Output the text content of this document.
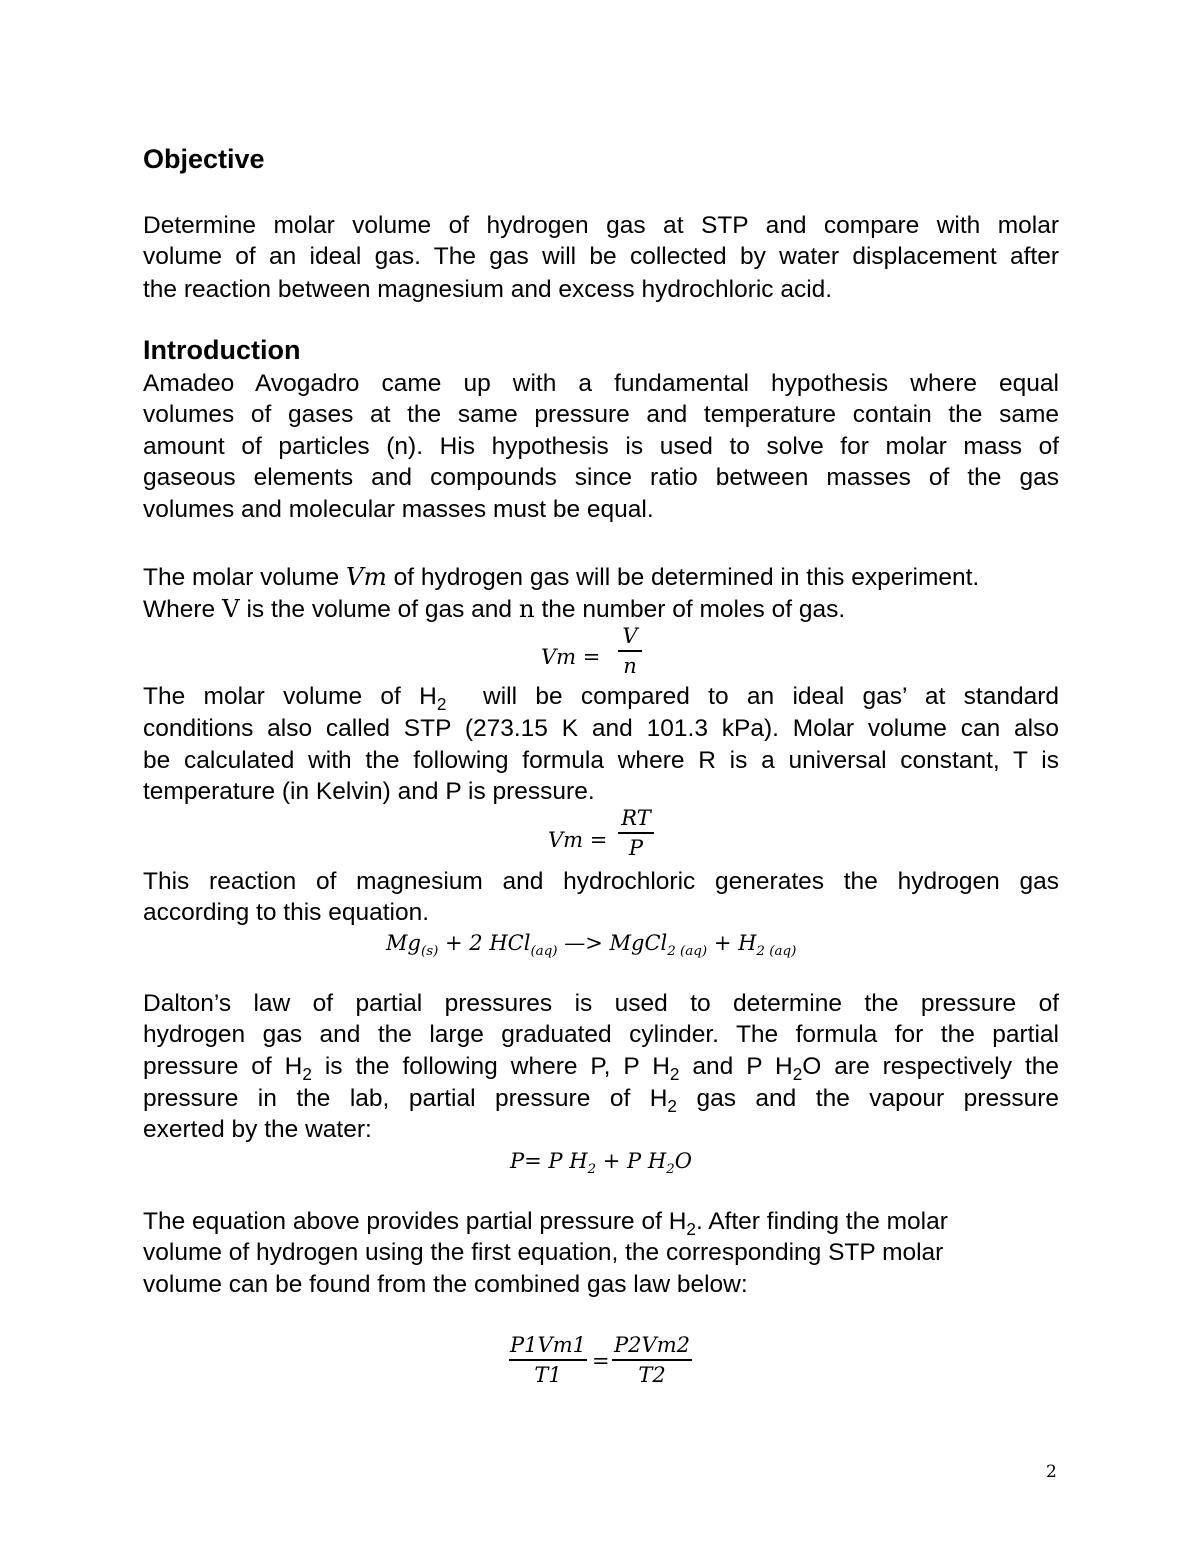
Objective
Determine molar volume of hydrogen gas at STP and compare with molar
volume of an ideal gas. The gas will be collected by water displacement after
the reaction between magnesium and excess hydrochloric acid.
Introduction
Amadeo Avogadro came up with a fundamental hypothesis where equal
volumes of gases at the same pressure and temperature contain the same
amount of particles (n). His hypothesis is used to solve for molar mass of
gaseous elements and compounds since ratio between masses of the gas
volumes and molecular masses must be equal.
The molar volume Vm of hydrogen gas will be determined in this experiment.
Where V is the volume of gas and n the number of moles of gas.
Vm =
V
n
The molar volume of $H_2$  will be compared to an ideal gas’ at standard
conditions also called STP (273.15 K and 101.3 kPa). Molar volume can also
be calculated with the following formula where R is a universal constant, T is
temperature (in Kelvin) and P is pressure.
Vm =
RT
P
This reaction of magnesium and hydrochloric generates the hydrogen gas
according to this equation.
$Mg_{(s)} + 2$ HCl$_{(aq)}$ —> MgCl$_{2 (aq)}$ + $H_{2 (aq)}$
Dalton’s law of partial pressures is used to determine the pressure of
hydrogen gas and the large graduated cylinder. The formula for the partial
pressure of $H_2$ is the following where P, P $H_2$ and P $H_2O$ are respectively the
pressure in the lab, partial pressure of $H_2$ gas and the vapour pressure
exerted by the water:
P= P $H_2 + P$ $H_2O$
The equation above provides partial pressure of $H_2$. After finding the molar
volume of hydrogen using the first equation, the corresponding STP molar
volume can be found from the combined gas law below:
P1Vm1
T1
=
P2Vm2
T2
2
